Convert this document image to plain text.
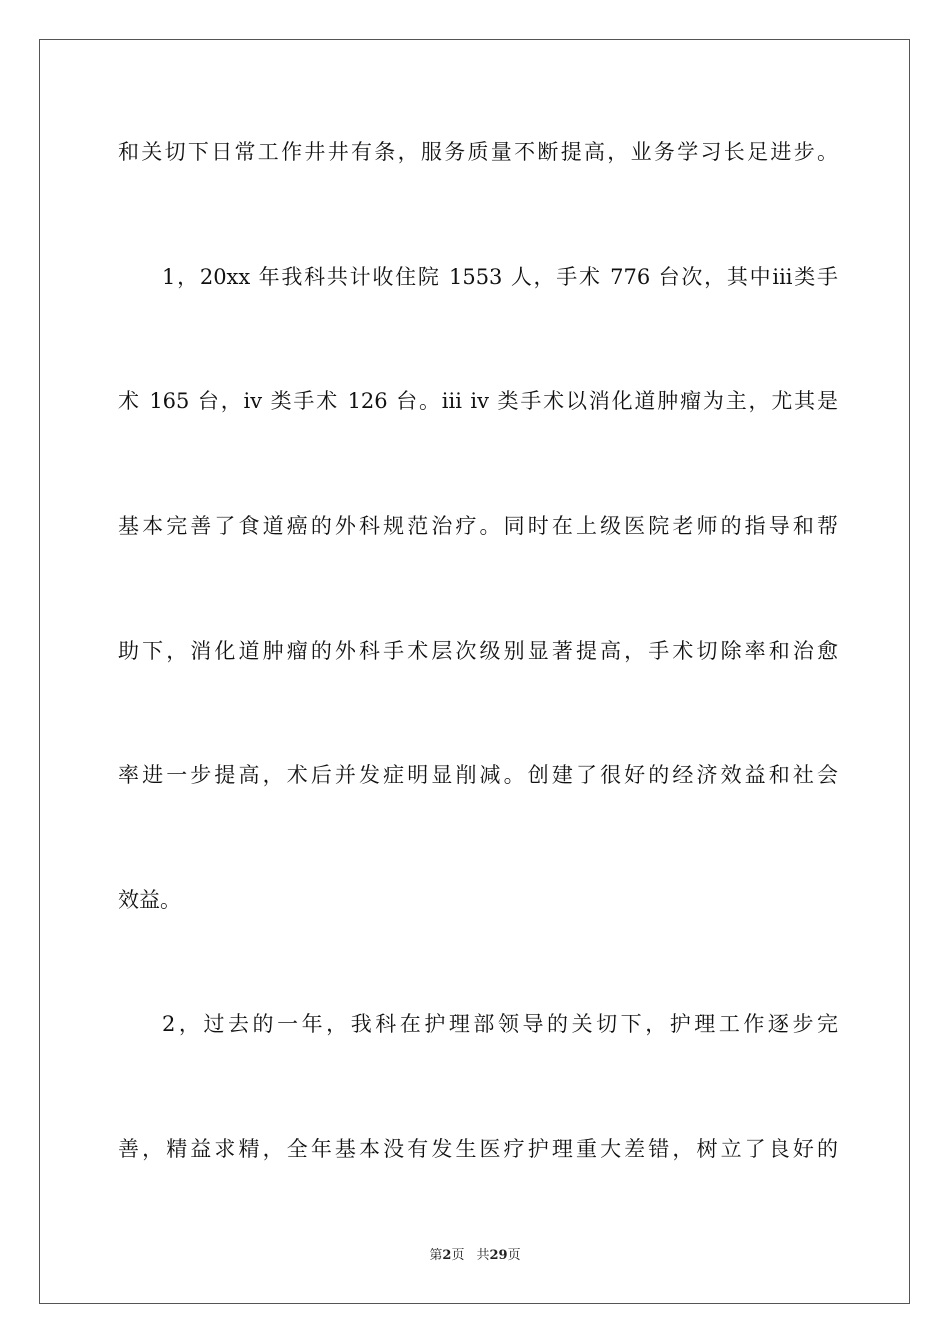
和关切下日常工作井井有条，服务质量不断提高，业务学习长足进步。
1，20xx 年我科共计收住院 1553 人，手术 776 台次，其中iii类手
术 165 台，iv 类手术 126 台。iii iv 类手术以消化道肿瘤为主，尤其是
基本完善了食道癌的外科规范治疗。同时在上级医院老师的指导和帮
助下，消化道肿瘤的外科手术层次级别显著提高，手术切除率和治愈
率进一步提高，术后并发症明显削减。创建了很好的经济效益和社会
效益。
2，过去的一年，我科在护理部领导的关切下，护理工作逐步完
善，精益求精，全年基本没有发生医疗护理重大差错，树立了良好的
第2页 共29页
